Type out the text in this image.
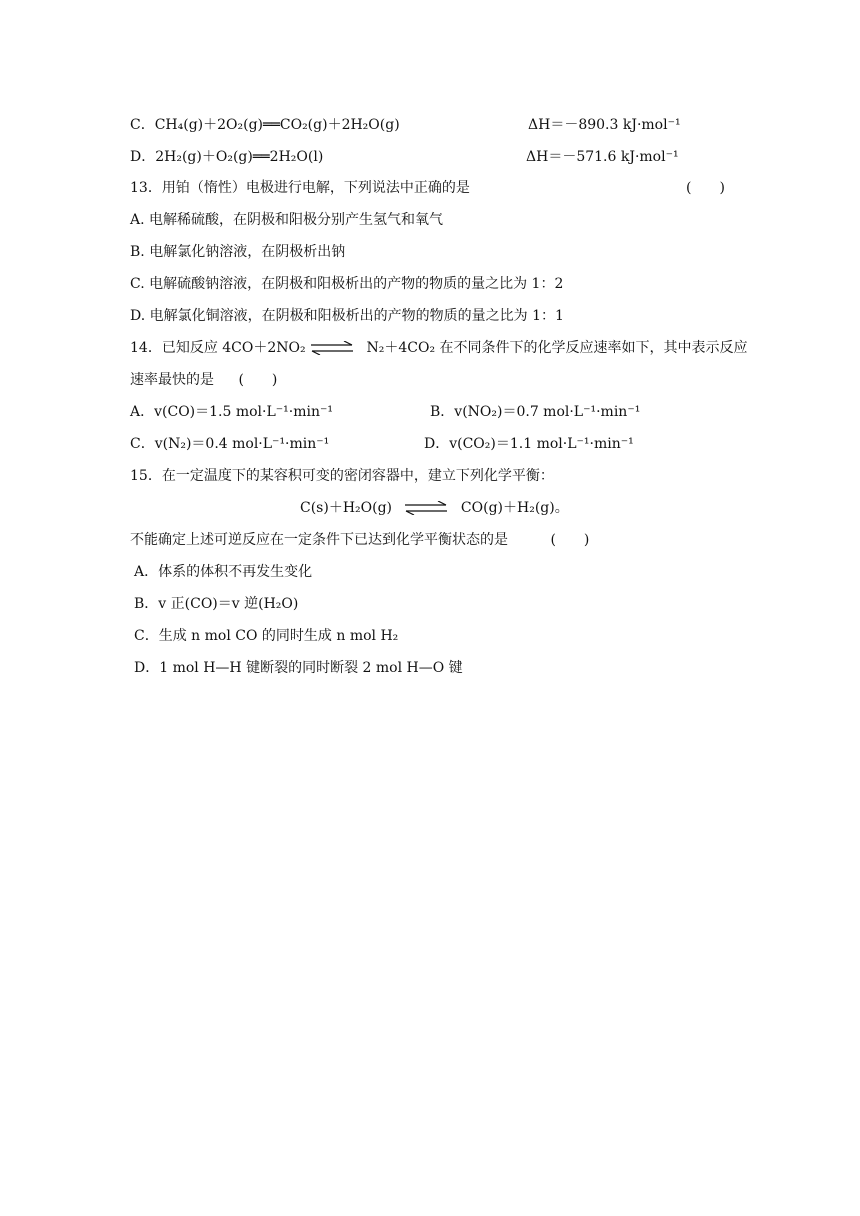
C．CH₄(g)＋2O₂(g)══CO₂(g)＋2H₂O(g)	ΔH＝－890.3 kJ·mol⁻¹
D．2H₂(g)＋O₂(g)══2H₂O(l)	ΔH＝－571.6 kJ·mol⁻¹
13．用铂（惰性）电极进行电解，下列说法中正确的是	(　　)
A. 电解稀硫酸，在阴极和阳极分别产生氢气和氧气
B. 电解氯化钠溶液，在阴极析出钠
C. 电解硫酸钠溶液，在阴极和阳极析出的产物的物质的量之比为 1：2
D. 电解氯化铜溶液，在阴极和阳极析出的产物的物质的量之比为 1：1
14．已知反应 4CO＋2NO₂ ⇌ N₂＋4CO₂ 在不同条件下的化学反应速率如下，其中表示反应
速率最快的是 (　　)
A．v(CO)＝1.5 mol·L⁻¹·min⁻¹	B．v(NO₂)＝0.7 mol·L⁻¹·min⁻¹
C．v(N₂)＝0.4 mol·L⁻¹·min⁻¹	D．v(CO₂)＝1.1 mol·L⁻¹·min⁻¹
15．在一定温度下的某容积可变的密闭容器中，建立下列化学平衡：
C(s)＋H₂O(g) ⇌ CO(g)＋H₂(g)。
不能确定上述可逆反应在一定条件下已达到化学平衡状态的是	(　　)
A．体系的体积不再发生变化
B．v 正(CO)＝v 逆(H₂O)
C．生成 n mol CO 的同时生成 n mol H₂
D．1 mol H—H 键断裂的同时断裂 2 mol H—O 键
